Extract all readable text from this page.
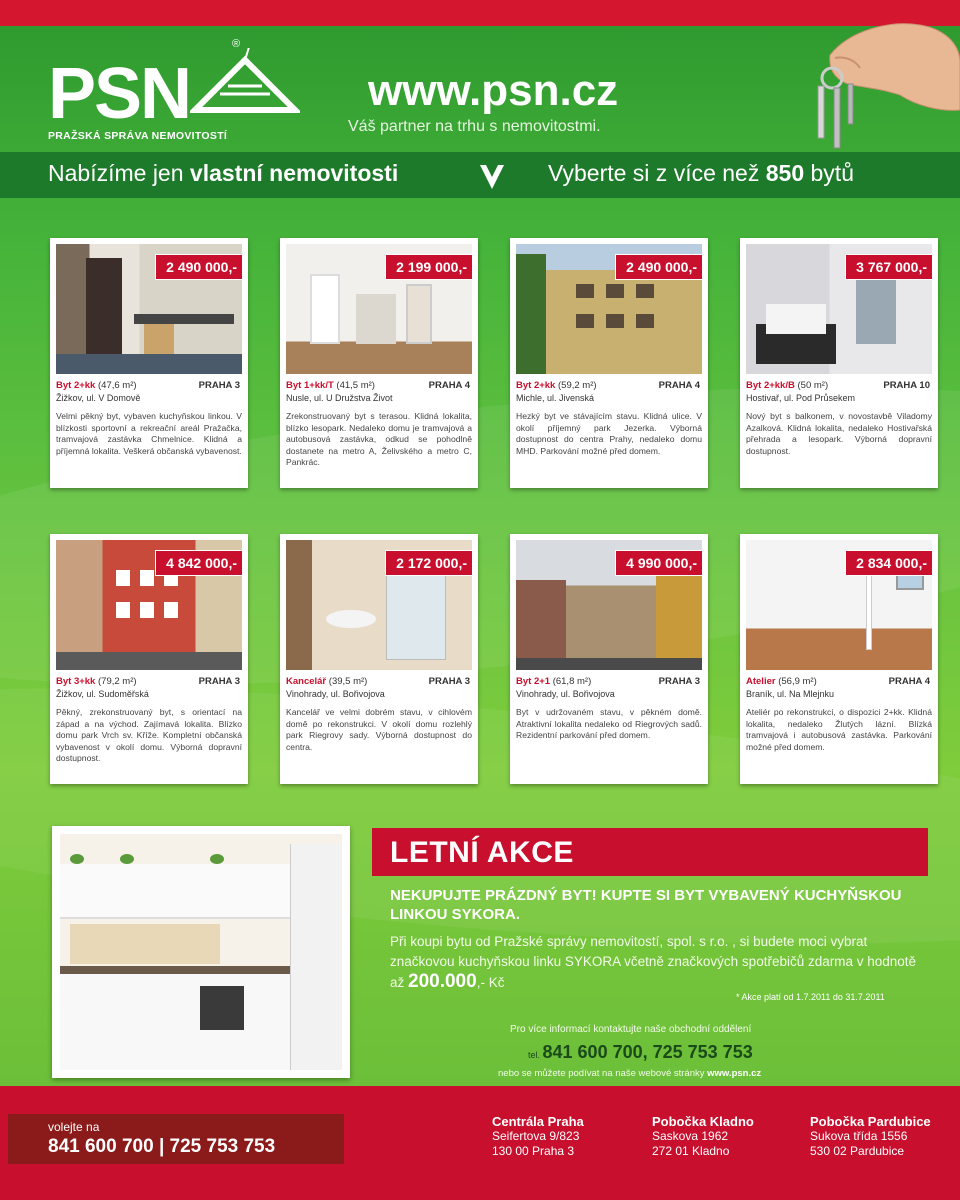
®
PSN
PRAŽSKÁ SPRÁVA NEMOVITOSTÍ
www.psn.cz
Váš partner na trhu s nemovitostmi.
Nabízíme jen vlastní nemovitosti	Vyberte si z více než 850 bytů
2 490 000,-
Byt 2+kk (47,6 m²)	PRAHA 3
Žižkov, ul. V Domově
Velmi pěkný byt, vybaven kuchyňskou linkou. V blízkosti sportovní a rekreační areál Pražačka, tramvajová zastávka Chmelnice. Klidná a příjemná lokalita. Veškerá občanská vybavenost.
2 199 000,-
Byt 1+kk/T (41,5 m²)	PRAHA 4
Nusle, ul. U Družstva Život
Zrekonstruovaný byt s terasou. Klidná lokalita, blízko lesopark. Nedaleko domu je tramvajová a autobusová zastávka, odkud se pohodlně dostanete na metro A, Želivského a metro C, Pankrác.
2 490 000,-
Byt 2+kk (59,2 m²)	PRAHA 4
Michle, ul. Jivenská
Hezký byt ve stávajícím stavu. Klidná ulice. V okolí příjemný park Jezerka. Výborná dostupnost do centra Prahy, nedaleko domu MHD. Parkování možné před domem.
3 767 000,-
Byt 2+kk/B (50 m²)	PRAHA 10
Hostivař, ul. Pod Průsekem
Nový byt s balkonem, v novostavbě Viladomy Azalková. Klidná lokalita, nedaleko Hostivařská přehrada a lesopark. Výborná dopravní dostupnost.
4 842 000,-
Byt 3+kk (79,2 m²)	PRAHA 3
Žižkov, ul. Sudoměřská
Pěkný, zrekonstruovaný byt, s orientací na západ a na východ. Zajímavá lokalita. Blízko domu park Vrch sv. Kříže. Kompletní občanská vybavenost v okolí domu. Výborná dopravní dostupnost.
2 172 000,-
Kancelář (39,5 m²)	PRAHA 3
Vinohrady, ul. Bořivojova
Kancelář ve velmi dobrém stavu, v cihlovém domě po rekonstrukci. V okolí domu rozlehlý park Riegrovy sady. Výborná dostupnost do centra.
4 990 000,-
Byt 2+1 (61,8 m²)	PRAHA 3
Vinohrady, ul. Bořivojova
Byt v udržovaném stavu, v pěkném domě. Atraktivní lokalita nedaleko od Riegrových sadů. Rezidentní parkování před domem.
2 834 000,-
Atelier (56,9 m²)	PRAHA 4
Braník, ul. Na Mlejnku
Ateliér po rekonstrukci, o dispozici 2+kk. Klidná lokalita, nedaleko Žlutých lázní. Blízká tramvajová i autobusová zastávka. Parkování možné před domem.
LETNÍ AKCE
NEKUPUJTE PRÁZDNÝ BYT! KUPTE SI BYT VYBAVENÝ KUCHYŇSKOU LINKOU SYKORA.
Při koupi bytu od Pražské správy nemovitostí, spol. s r.o. , si budete moci vybrat značkovou kuchyňskou linku SYKORA včetně značkových spotřebičů zdarma v hodnotě až 200.000,- Kč
* Akce platí od 1.7.2011 do 31.7.2011
Pro více informací kontaktujte naše obchodní oddělení
tel. 841 600 700, 725 753 753
nebo se můžete podívat na naše webové stránky www.psn.cz
volejte na
841 600 700 | 725 753 753
Centrála Praha
Seifertova 9/823
130 00 Praha 3
Pobočka Kladno
Saskova 1962
272 01 Kladno
Pobočka Pardubice
Sukova třída 1556
530 02 Pardubice
